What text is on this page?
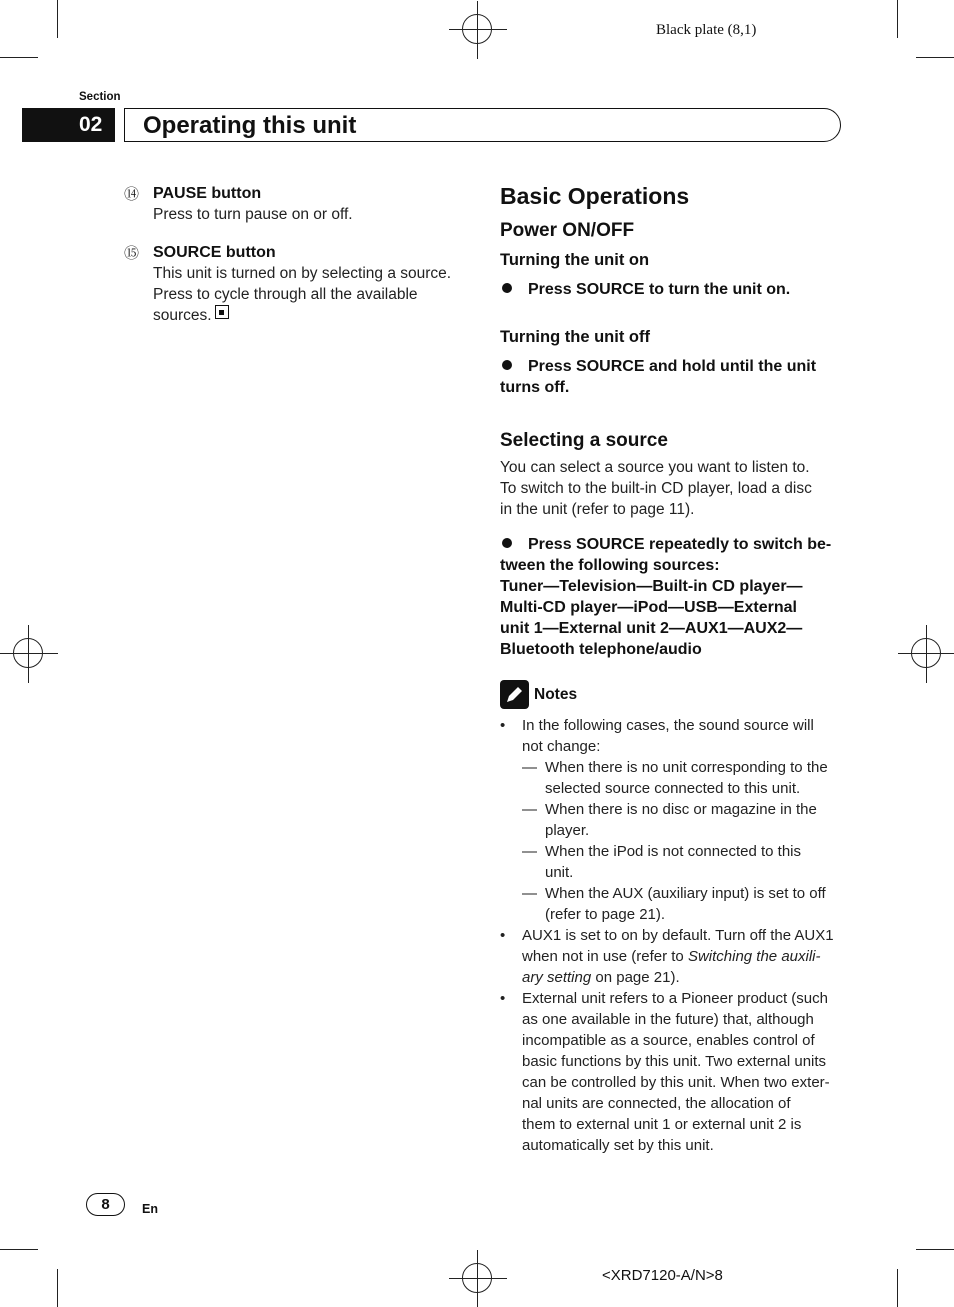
Black plate (8,1)
Section
02	Operating this unit
⑭ PAUSE button
Press to turn pause on or off.
⑮ SOURCE button
This unit is turned on by selecting a source.
Press to cycle through all the available
sources.
Basic Operations
Power ON/OFF
Turning the unit on
Press SOURCE to turn the unit on.
Turning the unit off
Press SOURCE and hold until the unit
turns off.
Selecting a source
You can select a source you want to listen to.
To switch to the built-in CD player, load a disc
in the unit (refer to page 11).
Press SOURCE repeatedly to switch be-
tween the following sources:
Tuner—Television—Built-in CD player—
Multi-CD player—iPod—USB—External
unit 1—External unit 2—AUX1—AUX2—
Bluetooth telephone/audio
Notes
•	In the following cases, the sound source will
not change:
— When there is no unit corresponding to the
selected source connected to this unit.
— When there is no disc or magazine in the
player.
— When the iPod is not connected to this
unit.
— When the AUX (auxiliary input) is set to off
(refer to page 21).
•	AUX1 is set to on by default. Turn off the AUX1
when not in use (refer to Switching the auxili-
ary setting on page 21).
•	External unit refers to a Pioneer product (such
as one available in the future) that, although
incompatible as a source, enables control of
basic functions by this unit. Two external units
can be controlled by this unit. When two exter-
nal units are connected, the allocation of
them to external unit 1 or external unit 2 is
automatically set by this unit.
8	En
<XRD7120-A/N>8
